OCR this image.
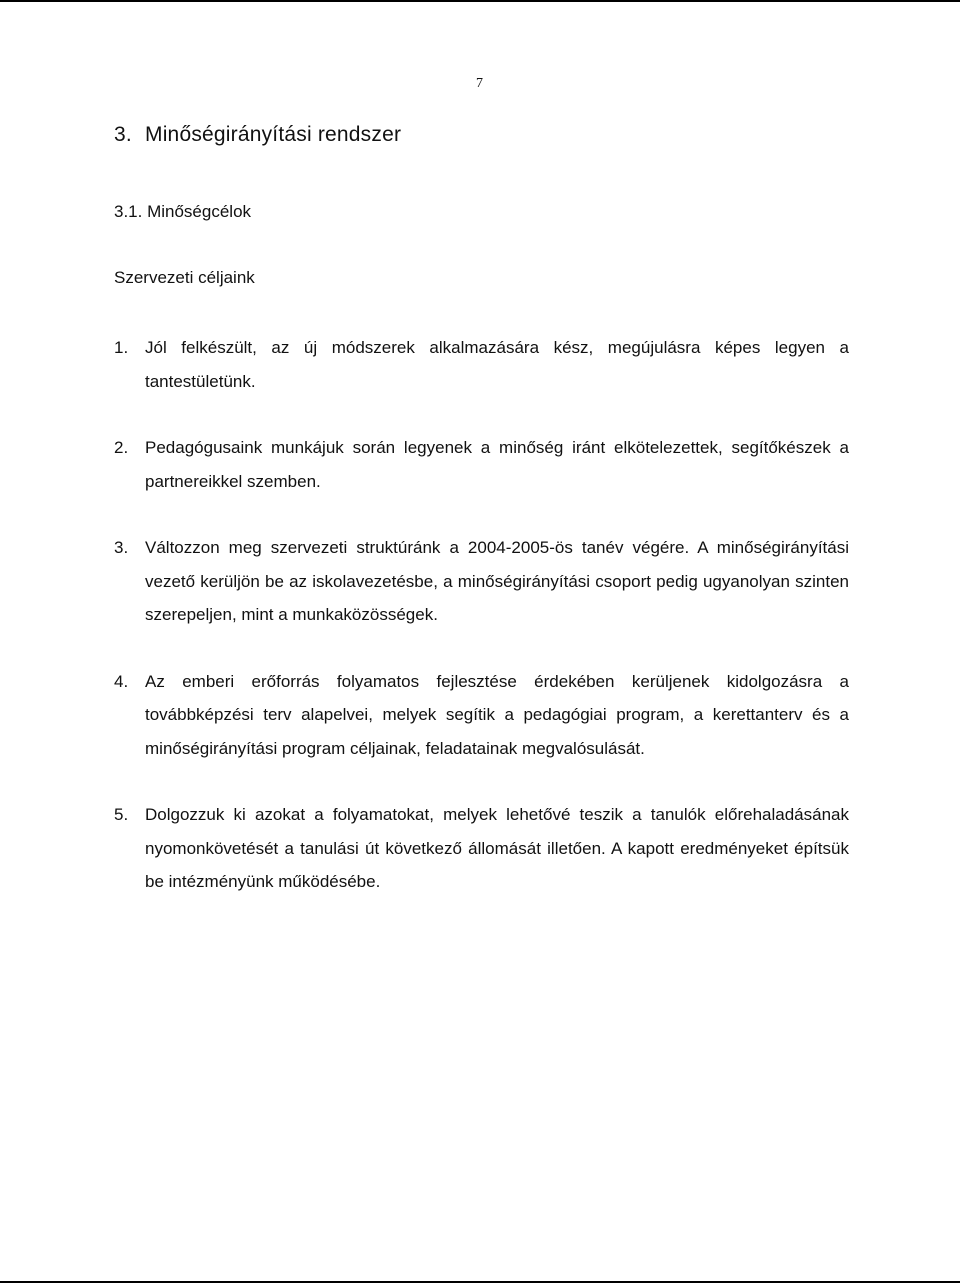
7
3. Minőségirányítási rendszer
3.1. Minőségcélok
Szervezeti céljaink
1. Jól felkészült, az új módszerek alkalmazására kész, megújulásra képes legyen a tantestületünk.
2. Pedagógusaink munkájuk során legyenek a minőség iránt elkötelezettek, segítőkészek a partnereikkel szemben.
3. Változzon meg szervezeti struktúránk a 2004-2005-ös tanév végére. A minőségirányítási vezető kerüljön be az iskolavezetésbe, a minőségirányítási csoport pedig ugyanolyan szinten szerepeljen, mint a munkaközösségek.
4. Az emberi erőforrás folyamatos fejlesztése érdekében kerüljenek kidolgozásra a továbbképzési terv alapelvei, melyek segítik a pedagógiai program, a kerettanterv és a minőségirányítási program céljainak, feladatainak megvalósulását.
5. Dolgozzuk ki azokat a folyamatokat, melyek lehetővé teszik a tanulók előrehaladásának nyomonkövetését a tanulási út következő állomását illetően. A kapott eredményeket építsük be intézményünk működésébe.
